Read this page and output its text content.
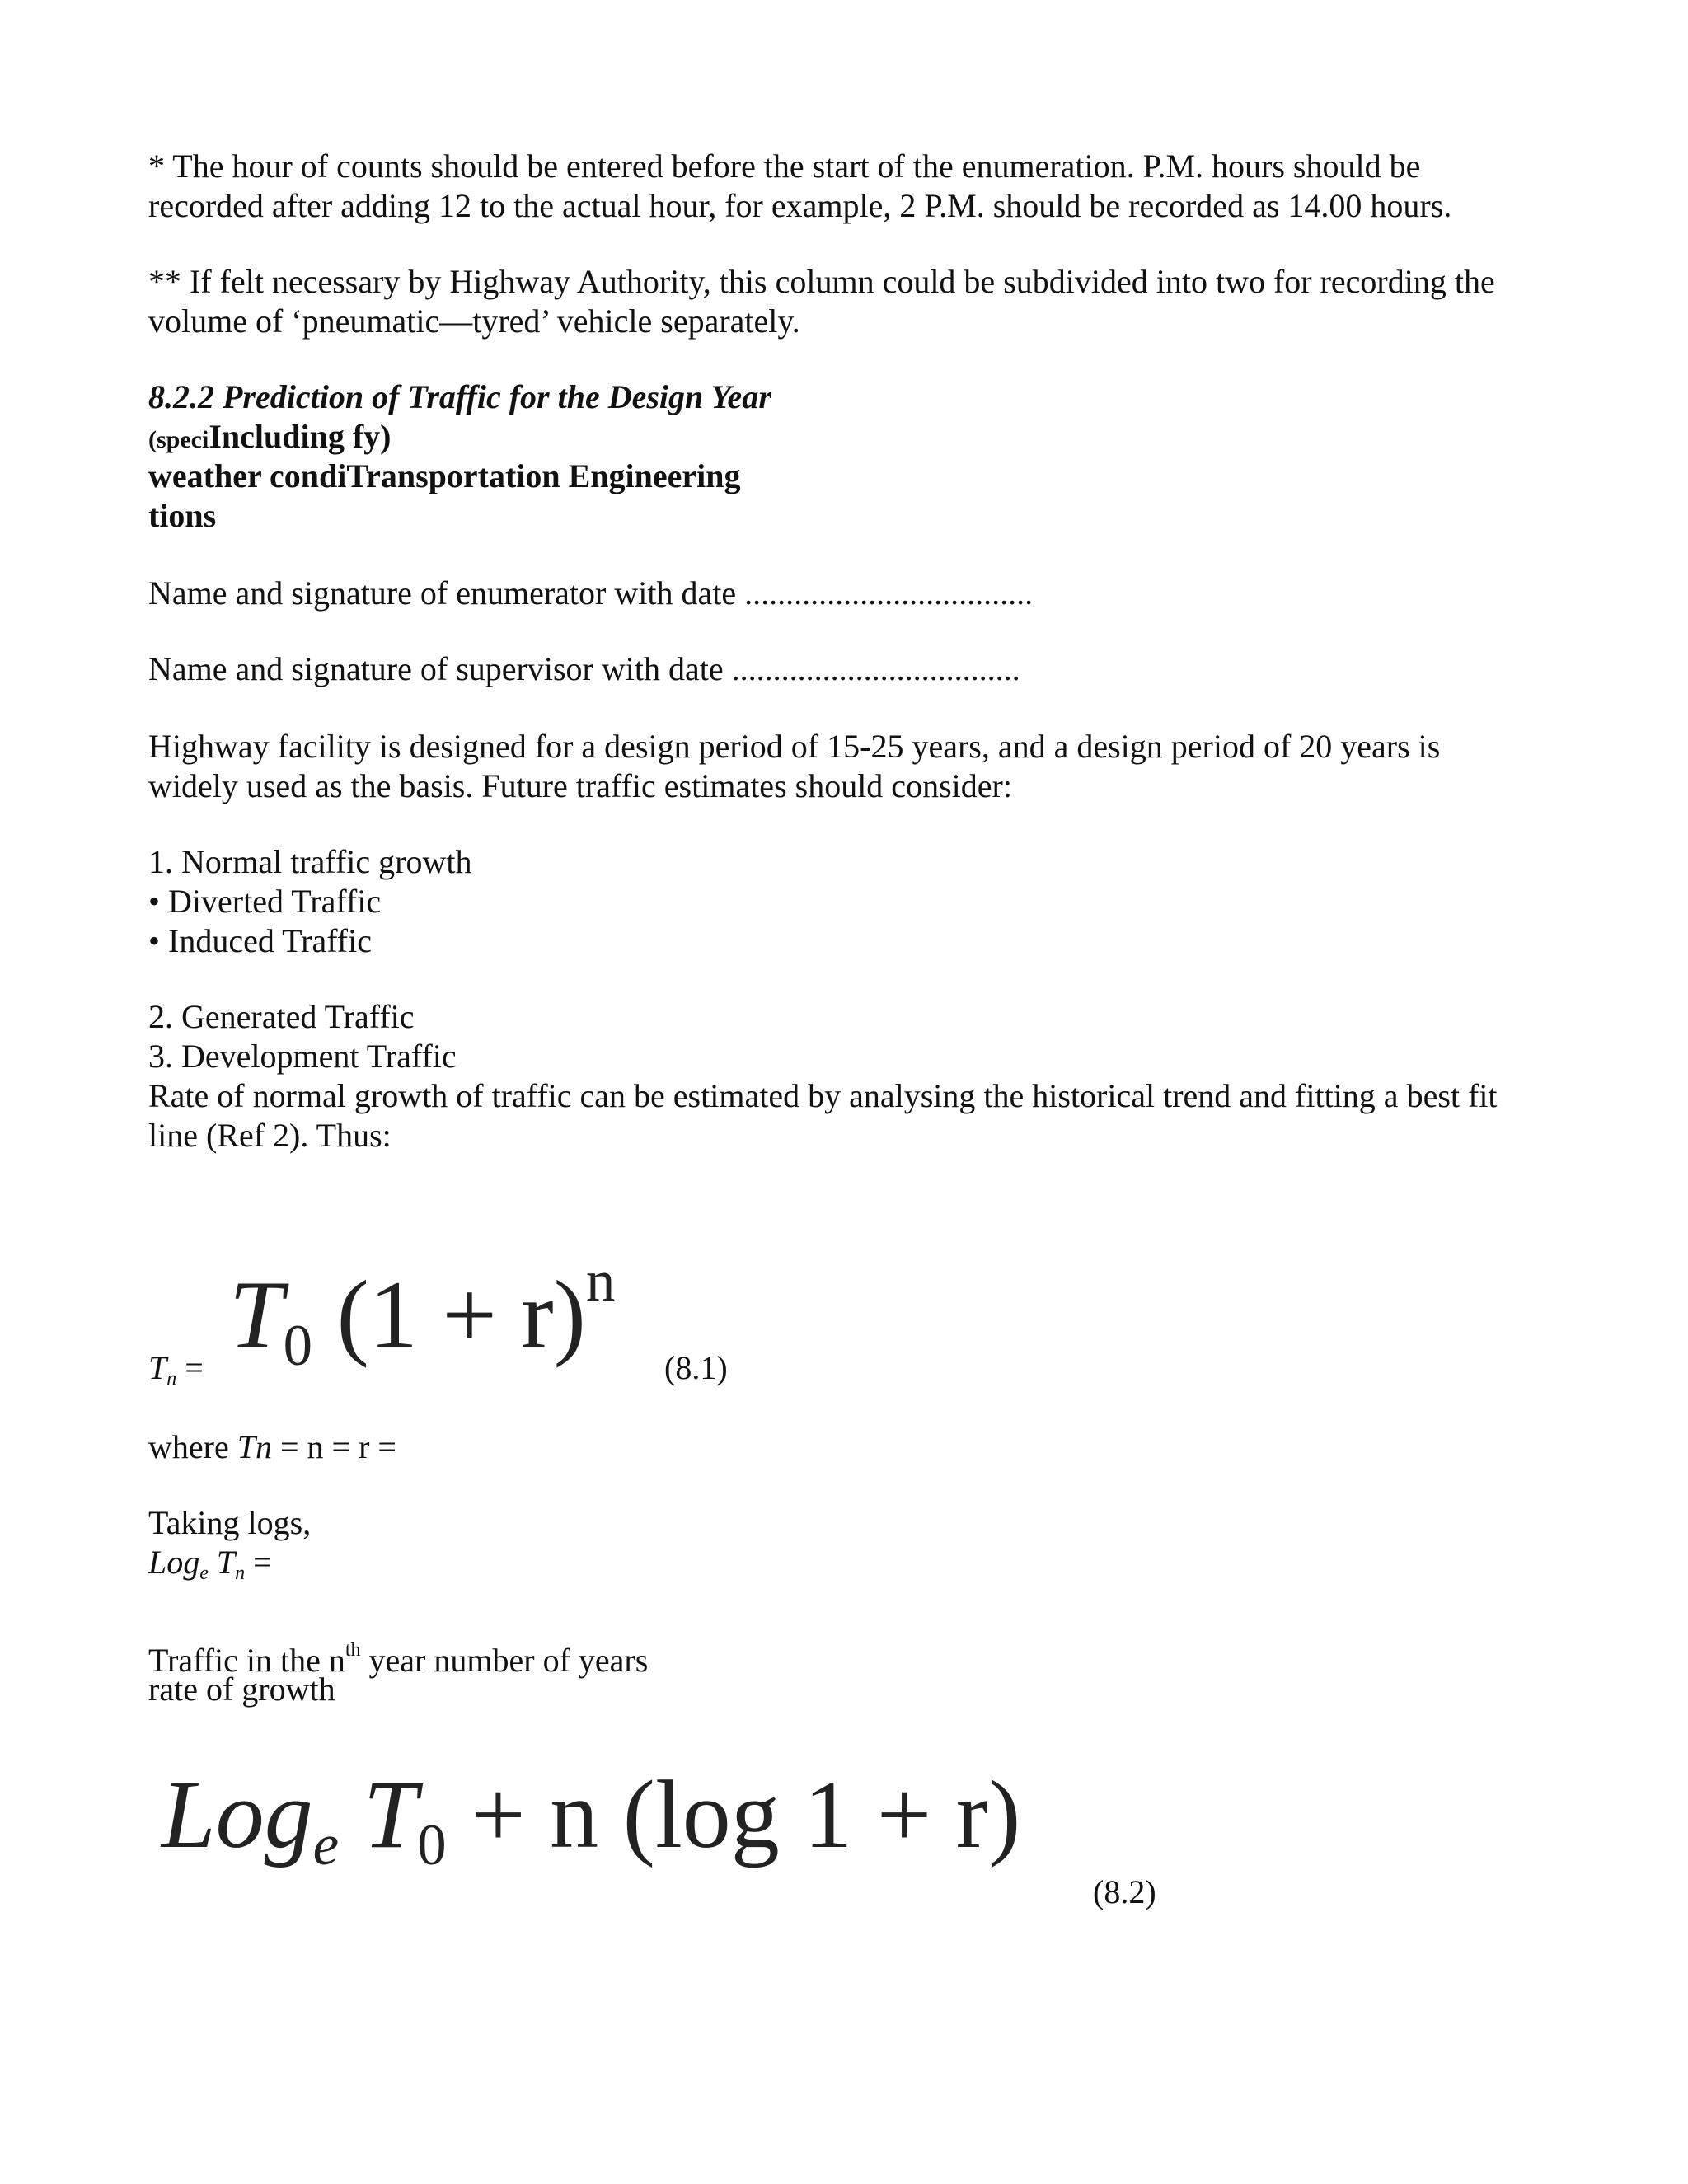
* The hour of counts should be entered before the start of the enumeration. P.M. hours should be
recorded after adding 12 to the actual hour, for example, 2 P.M. should be recorded as 14.00 hours.
** If felt necessary by Highway Authority, this column could be subdivided into two for recording the
volume of ‘pneumatic—tyred’ vehicle separately.
8.2.2 Prediction of Traffic for the Design Year
(speciIncluding fy)
weather condiTransportation Engineering
tions
Name and signature of enumerator with date ...................................
Name and signature of supervisor with date ...................................
Highway facility is designed for a design period of 15-25 years, and a design period of 20 years is
widely used as the basis. Future traffic estimates should consider:
1. Normal traffic growth
• Diverted Traffic
• Induced Traffic
2. Generated Traffic
3. Development Traffic
Rate of normal growth of traffic can be estimated by analysing the historical trend and fitting a best fit
line (Ref 2). Thus:
$T_n = T_0$ $(1 + r)^n$
(8.1)
where Tn = n = r =
Taking logs,
Log$_e$ $T_n$ =
Traffic in the $n^{th}$ year number of years
rate of growth
Log$_e$ $T_0 + n$ (log 1 + r)
(8.2)
